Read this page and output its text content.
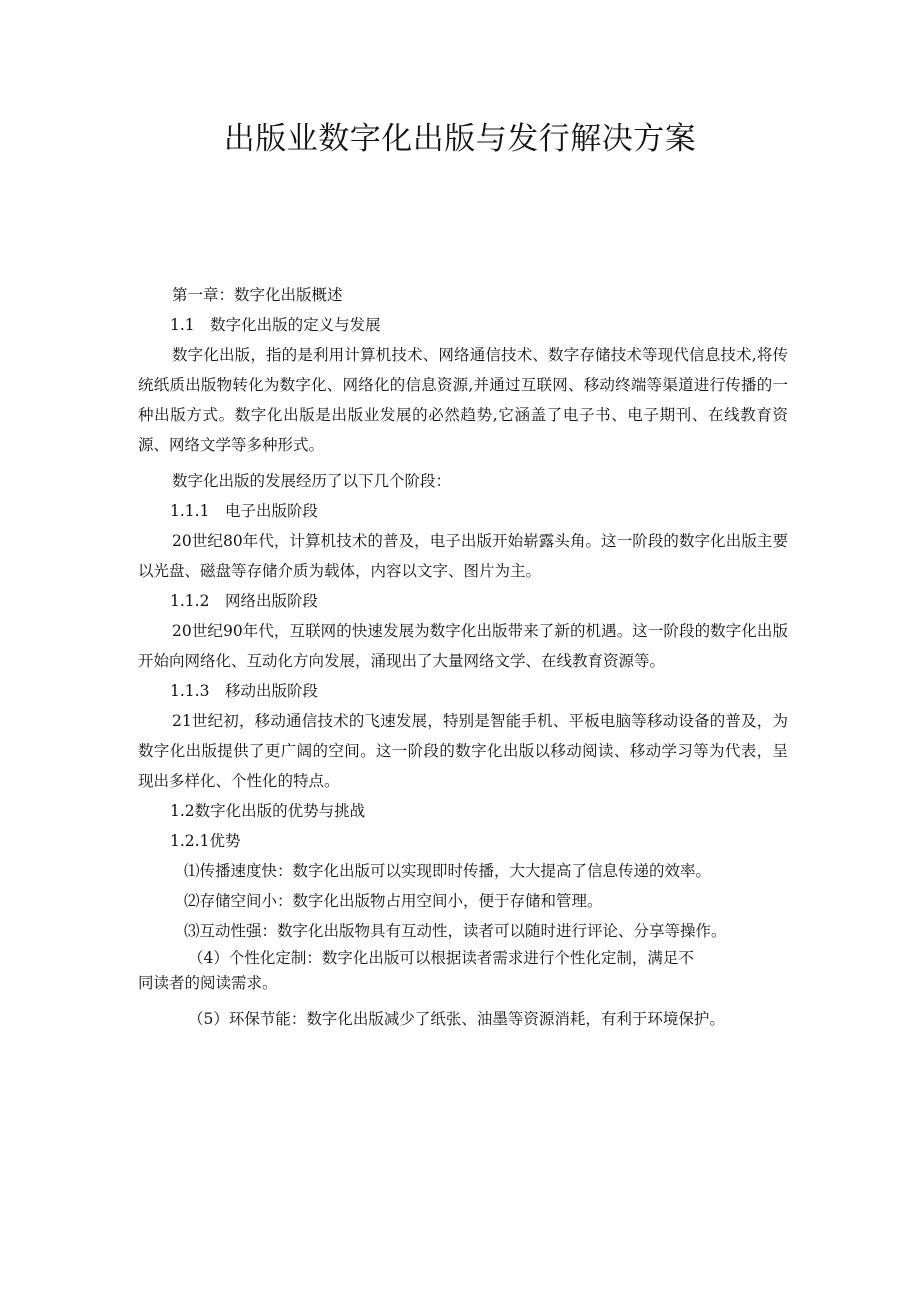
出版业数字化出版与发行解决方案

第一章：数字化出版概述

1.1　数字化出版的定义与发展

数字化出版，指的是利用计算机技术、网络通信技术、数字存储技术等现代信息技术,将传统纸质出版物转化为数字化、网络化的信息资源,并通过互联网、移动终端等渠道进行传播的一种出版方式。数字化出版是出版业发展的必然趋势,它涵盖了电子书、电子期刊、在线教育资源、网络文学等多种形式。

数字化出版的发展经历了以下几个阶段：

1.1.1　电子出版阶段

20世纪80年代，计算机技术的普及，电子出版开始崭露头角。这一阶段的数字化出版主要以光盘、磁盘等存储介质为载体，内容以文字、图片为主。

1.1.2　网络出版阶段

20世纪90年代，互联网的快速发展为数字化出版带来了新的机遇。这一阶段的数字化出版开始向网络化、互动化方向发展，涌现出了大量网络文学、在线教育资源等。

1.1.3　移动出版阶段

21世纪初，移动通信技术的飞速发展，特别是智能手机、平板电脑等移动设备的普及，为数字化出版提供了更广阔的空间。这一阶段的数字化出版以移动阅读、移动学习等为代表，呈现出多样化、个性化的特点。

1.2数字化出版的优势与挑战

1.2.1优势

⑴传播速度快：数字化出版可以实现即时传播，大大提高了信息传递的效率。

⑵存储空间小：数字化出版物占用空间小，便于存储和管理。

⑶互动性强：数字化出版物具有互动性，读者可以随时进行评论、分享等操作。

（4）个性化定制：数字化出版可以根据读者需求进行个性化定制，满足不

同读者的阅读需求。

（5）环保节能：数字化出版减少了纸张、油墨等资源消耗，有利于环境保护。
